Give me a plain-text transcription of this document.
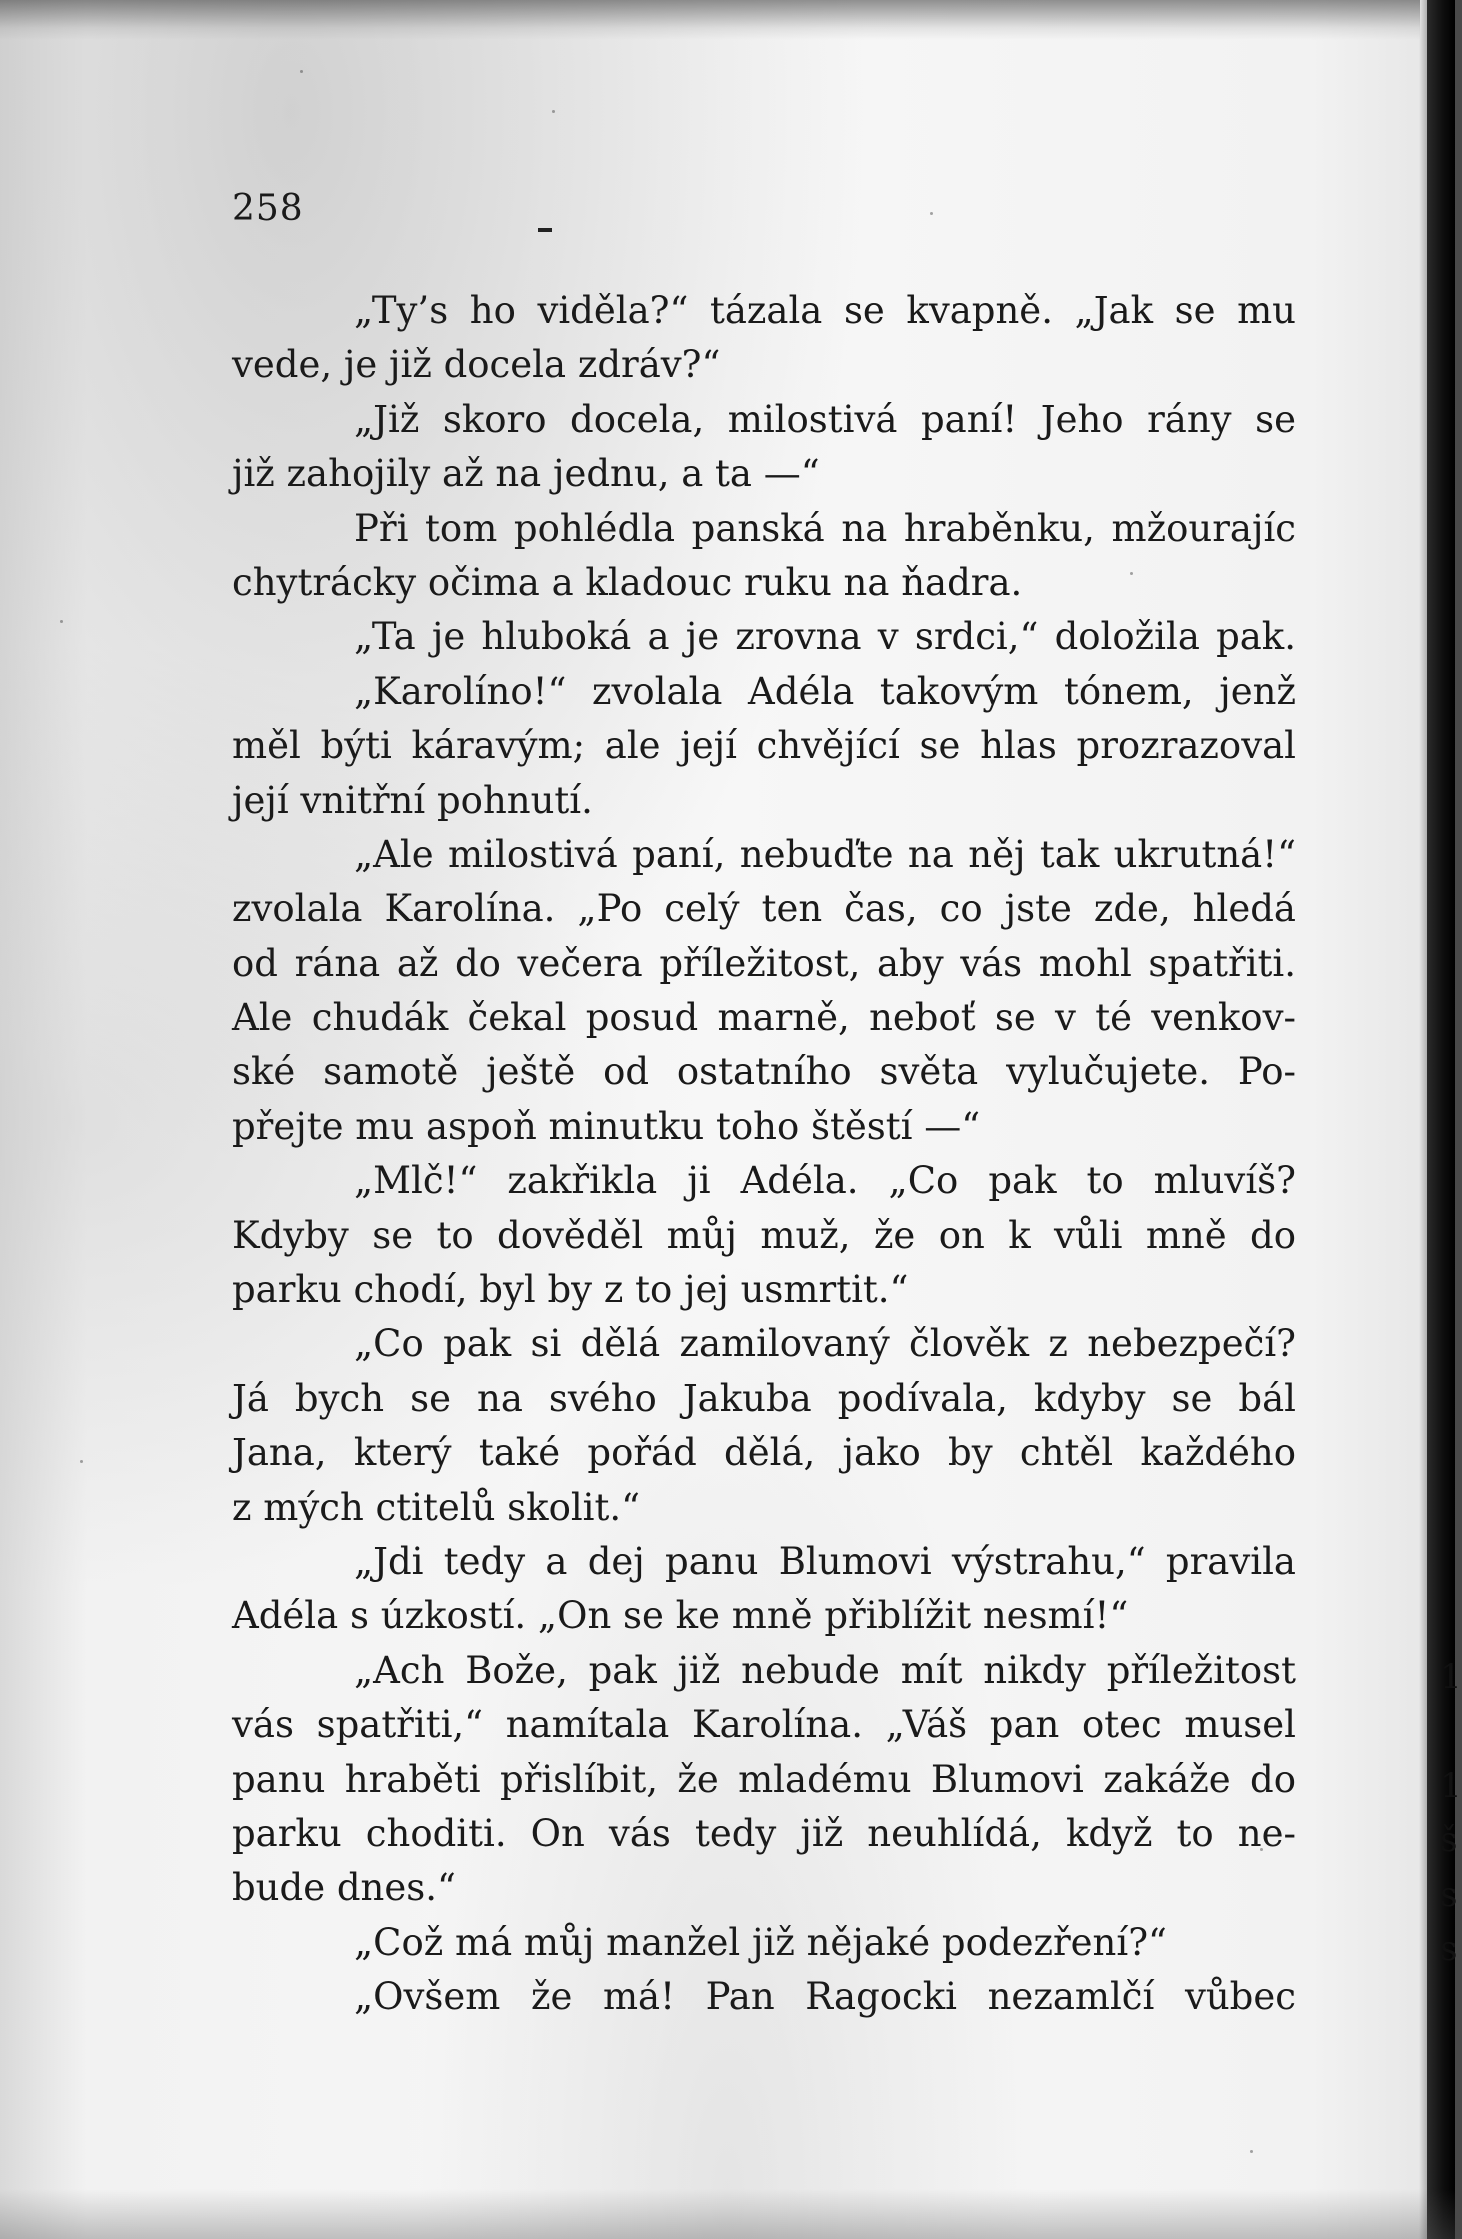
258
„Ty’s ho viděla?“ tázala se kvapně. „Jak se mu
vede, je již docela zdráv?“
„Již skoro docela, milostivá paní! Jeho rány se
již zahojily až na jednu, a ta —“
Při tom pohlédla panská na hraběnku, mžourajíc
chytrácky očima a kladouc ruku na ňadra.
„Ta je hluboká a je zrovna v srdci,“ doložila pak.
„Karolíno!“ zvolala Adéla takovým tónem, jenž
měl býti káravým; ale její chvějící se hlas prozrazoval
její vnitřní pohnutí.
„Ale milostivá paní, nebuďte na něj tak ukrutná!“
zvolala Karolína. „Po celý ten čas, co jste zde, hledá
od rána až do večera příležitost, aby vás mohl spatřiti.
Ale chudák čekal posud marně, neboť se v té venkov-
ské samotě ještě od ostatního světa vylučujete. Po-
přejte mu aspoň minutku toho štěstí —“
„Mlč!“ zakřikla ji Adéla. „Co pak to mluvíš?
Kdyby se to dověděl můj muž, že on k vůli mně do
parku chodí, byl by z to jej usmrtit.“
„Co pak si dělá zamilovaný člověk z nebezpečí?
Já bych se na svého Jakuba podívala, kdyby se bál
Jana, který také pořád dělá, jako by chtěl každého
z mých ctitelů skolit.“
„Jdi tedy a dej panu Blumovi výstrahu,“ pravila
Adéla s úzkostí. „On se ke mně přiblížit nesmí!“
„Ach Bože, pak již nebude mít nikdy příležitost
vás spatřiti,“ namítala Karolína. „Váš pan otec musel
panu hraběti přislíbit, že mladému Blumovi zakáže do
parku choditi. On vás tedy již neuhlídá, když to ne-
bude dnes.“
„Což má můj manžel již nějaké podezření?“
„Ovšem že má! Pan Ragocki nezamlčí vůbec
1
1
š
s
s
